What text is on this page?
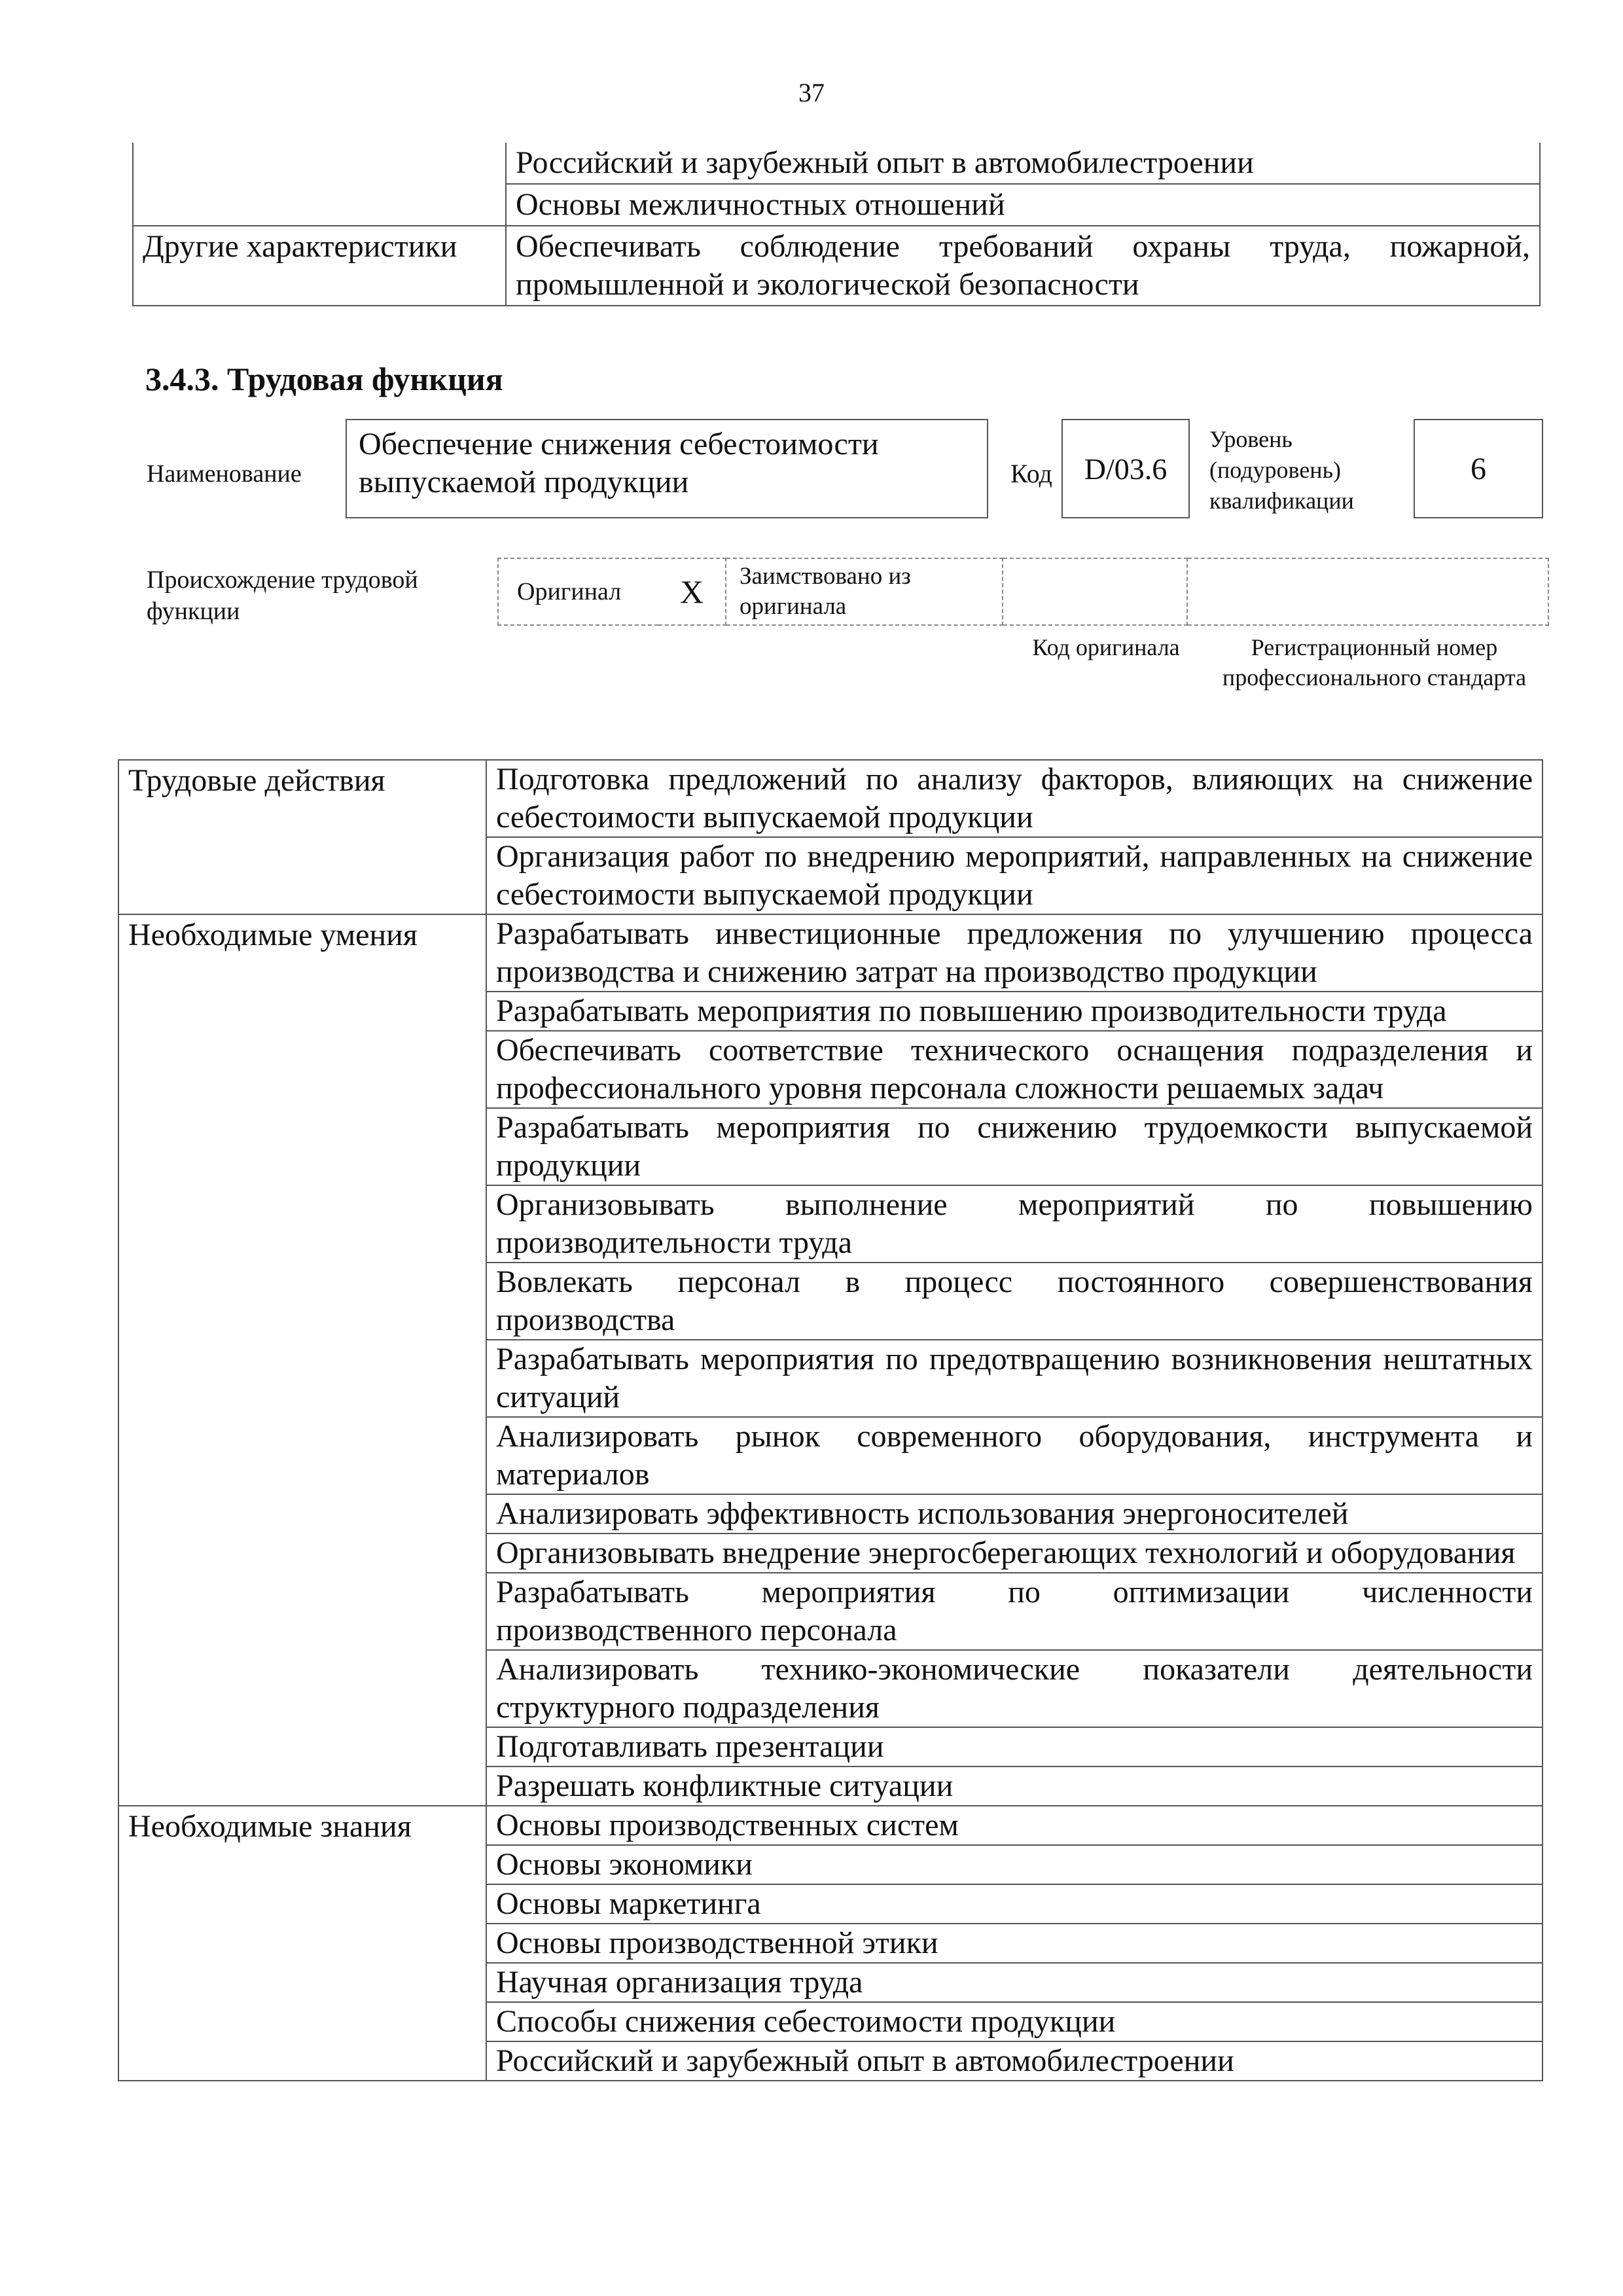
37
	Российский и зарубежный опыт в автомобилестроении
	Основы межличностных отношений
Другие характеристики	Обеспечивать соблюдение требований охраны труда, пожарной, промышленной и экологической безопасности
3.4.3. Трудовая функция
Наименование
Обеспечение снижения себестоимости выпускаемой продукции	Код	D/03.6
Уровень (подуровень) квалификации
6
Происхождение трудовой функции
Оригинал	X	Заимствовано из оригинала		
Код оригинала	Регистрационный номер профессионального стандарта
Трудовые действия	Подготовка предложений по анализу факторов, влияющих на снижение себестоимости выпускаемой продукции
	Организация работ по внедрению мероприятий, направленных на снижение себестоимости выпускаемой продукции
Необходимые умения	Разрабатывать инвестиционные предложения по улучшению процесса производства и снижению затрат на производство продукции
	Разрабатывать мероприятия по повышению производительности труда
	Обеспечивать соответствие технического оснащения подразделения и профессионального уровня персонала сложности решаемых задач
	Разрабатывать мероприятия по снижению трудоемкости выпускаемой продукции
	Организовывать выполнение мероприятий по повышению производительности труда
	Вовлекать персонал в процесс постоянного совершенствования производства
	Разрабатывать мероприятия по предотвращению возникновения нештатных ситуаций
	Анализировать рынок современного оборудования, инструмента и материалов
	Анализировать эффективность использования энергоносителей
	Организовывать внедрение энергосберегающих технологий и оборудования
	Разрабатывать мероприятия по оптимизации численности производственного персонала
	Анализировать технико-экономические показатели деятельности структурного подразделения
	Подготавливать презентации
	Разрешать конфликтные ситуации
Необходимые знания	Основы производственных систем
	Основы экономики
	Основы маркетинга
	Основы производственной этики
	Научная организация труда
	Способы снижения себестоимости продукции
	Российский и зарубежный опыт в автомобилестроении
